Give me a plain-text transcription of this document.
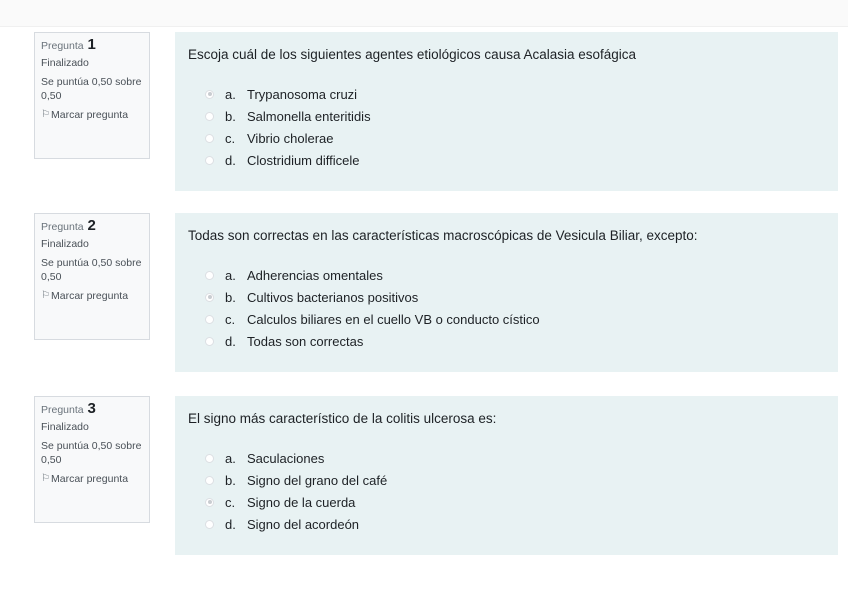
Pregunta 1
Finalizado
Se puntúa 0,50 sobre 0,50
⚐ Marcar pregunta
Escoja cuál de los siguientes agentes etiológicos causa Acalasia esofágica
a. Trypanosoma cruzi
b. Salmonella enteritidis
c. Vibrio cholerae
d. Clostridium difficele
Pregunta 2
Finalizado
Se puntúa 0,50 sobre 0,50
⚐ Marcar pregunta
Todas son correctas en las características macroscópicas de Vesicula Biliar, excepto:
a. Adherencias omentales
b. Cultivos bacterianos positivos
c. Calculos biliares en el cuello VB o conducto cístico
d. Todas son correctas
Pregunta 3
Finalizado
Se puntúa 0,50 sobre 0,50
⚐ Marcar pregunta
El signo más característico de la colitis ulcerosa es:
a. Saculaciones
b. Signo del grano del café
c. Signo de la cuerda
d. Signo del acordeón
